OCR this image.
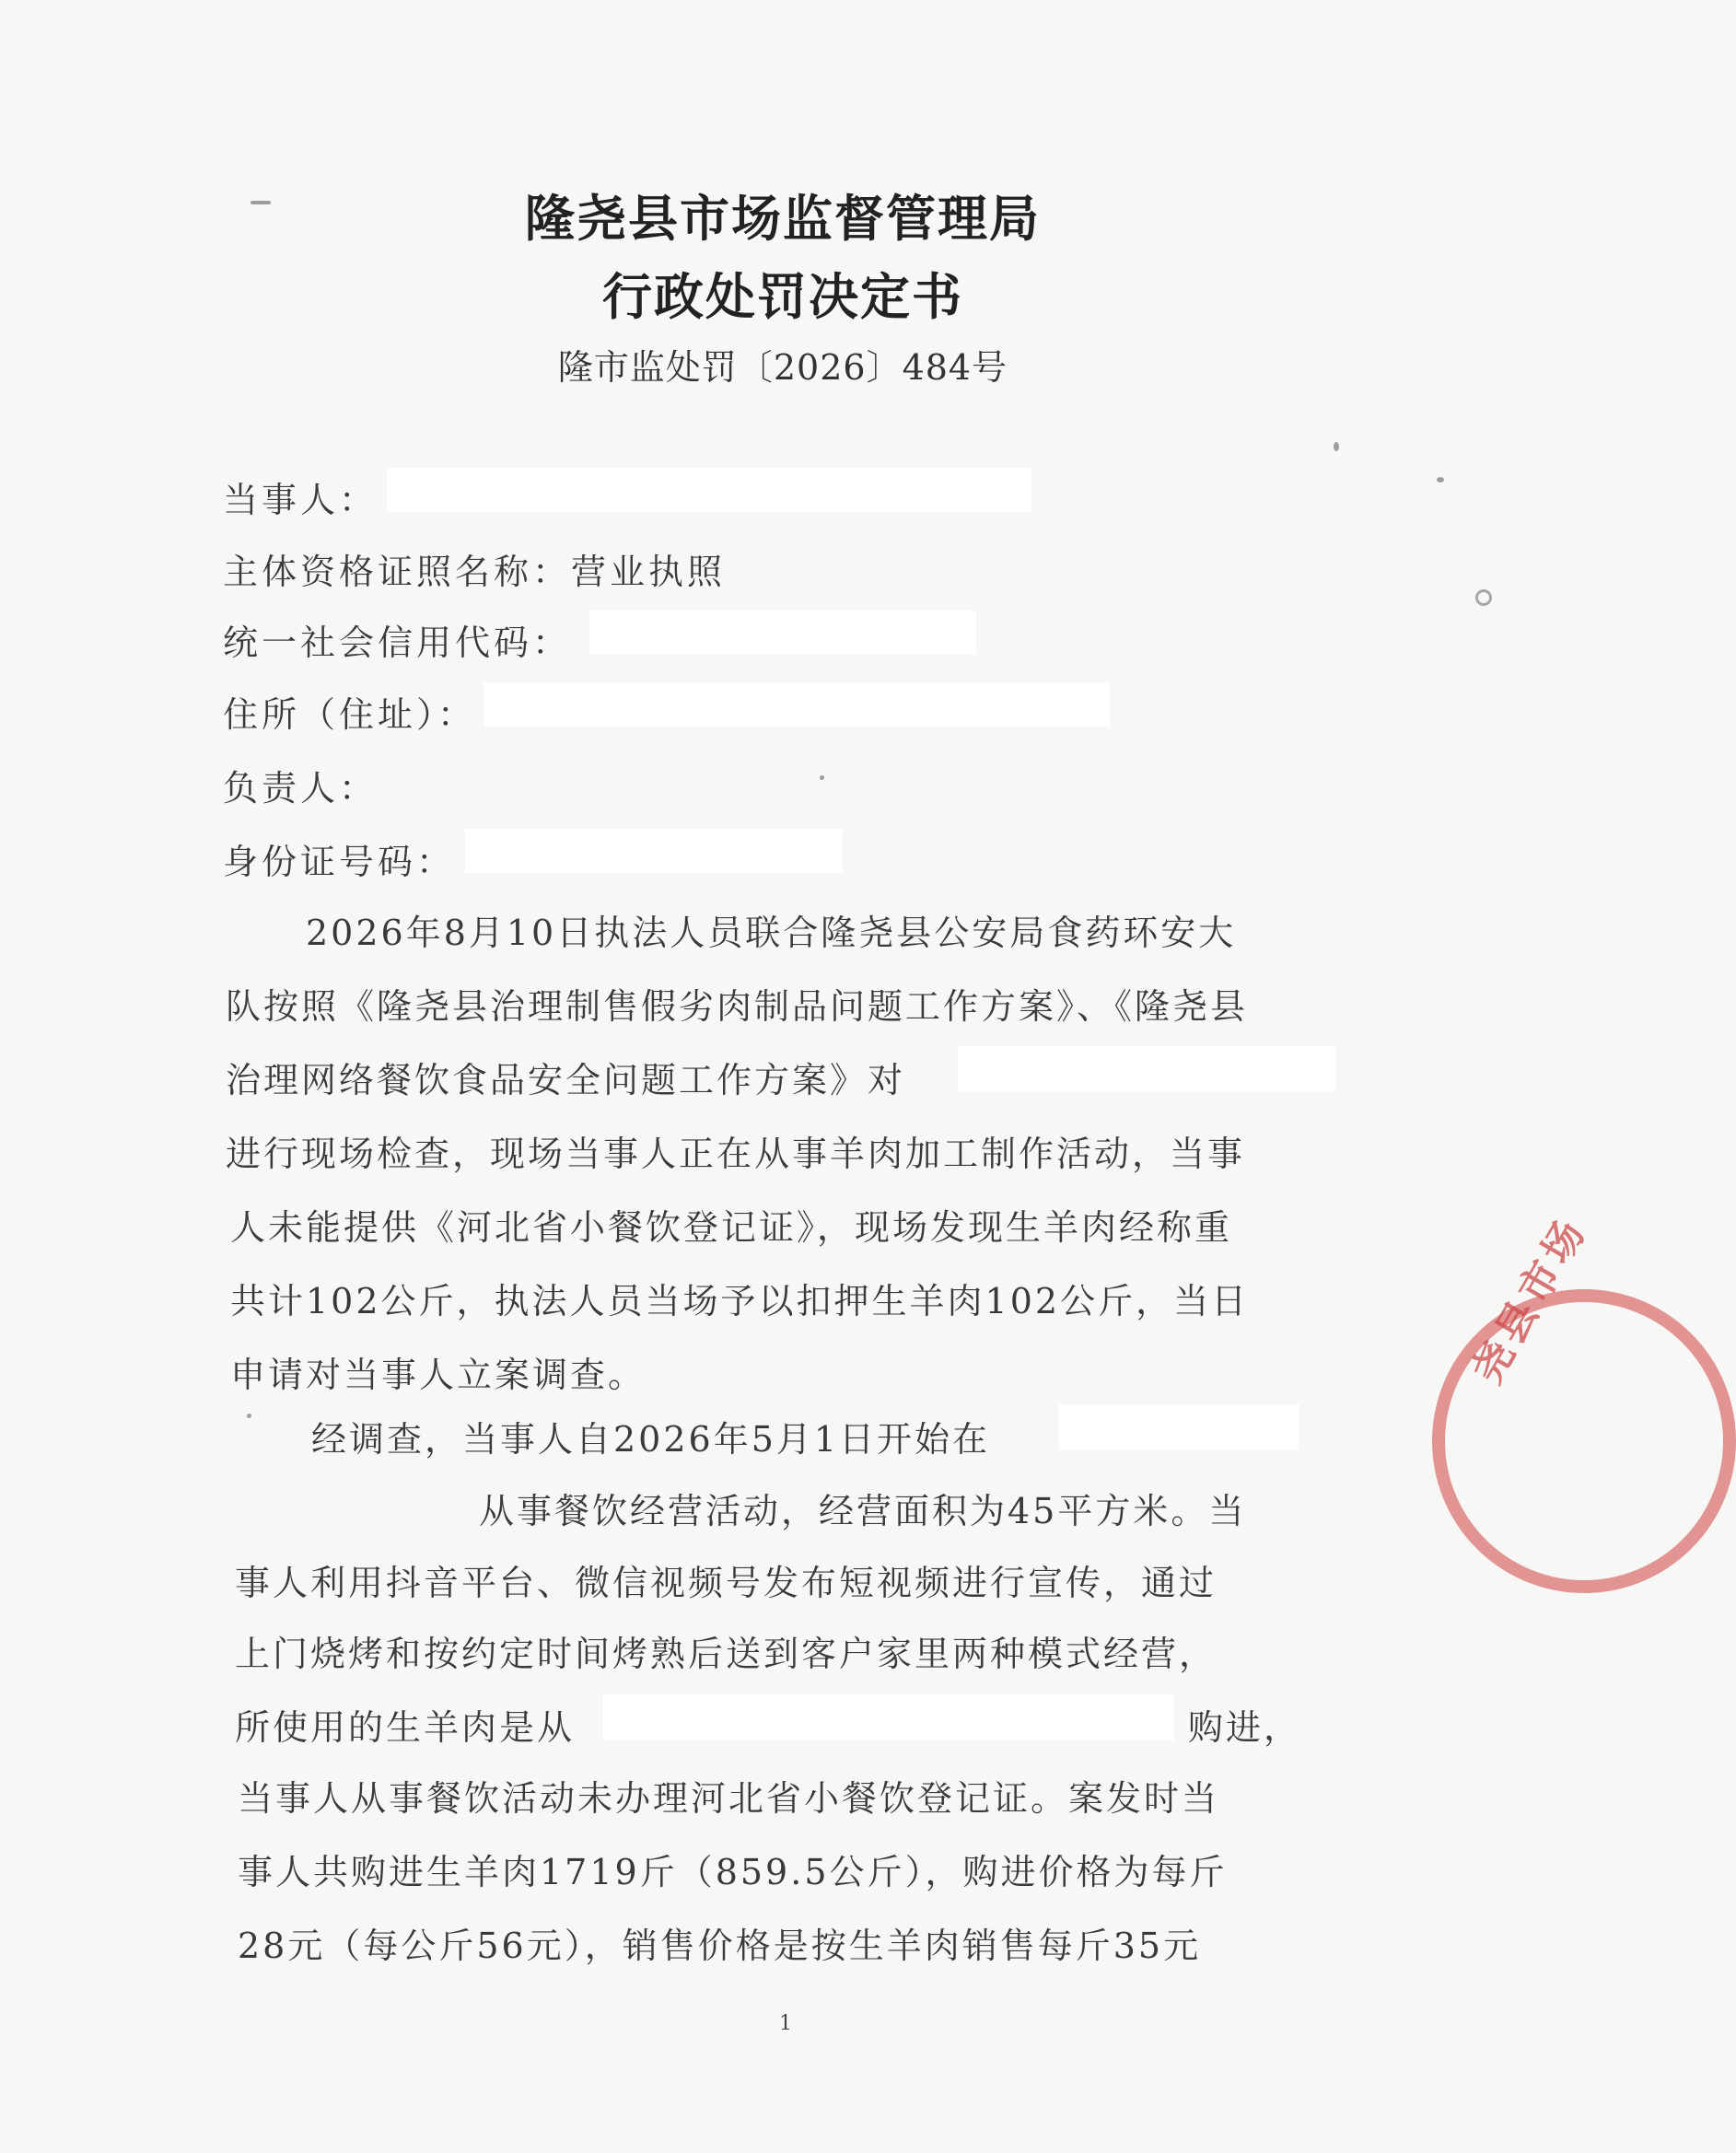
隆尧县市场监督管理局
行政处罚决定书
隆市监处罚〔2026〕484号
当事人：
主体资格证照名称：营业执照
统一社会信用代码：
住所（住址）：
负责人：
身份证号码：
2026年8月10日执法人员联合隆尧县公安局食药环安大
队按照《隆尧县治理制售假劣肉制品问题工作方案》、《隆尧县
治理网络餐饮食品安全问题工作方案》对
进行现场检查，现场当事人正在从事羊肉加工制作活动，当事
人未能提供《河北省小餐饮登记证》，现场发现生羊肉经称重
共计102公斤，执法人员当场予以扣押生羊肉102公斤，当日
申请对当事人立案调查。
经调查，当事人自2026年5月1日开始在
从事餐饮经营活动，经营面积为45平方米。当
事人利用抖音平台、微信视频号发布短视频进行宣传，通过
上门烧烤和按约定时间烤熟后送到客户家里两种模式经营，
所使用的生羊肉是从	购进，
当事人从事餐饮活动未办理河北省小餐饮登记证。案发时当
事人共购进生羊肉1719斤（859.5公斤），购进价格为每斤
28元（每公斤56元），销售价格是按生羊肉销售每斤35元
尧县市场
1
